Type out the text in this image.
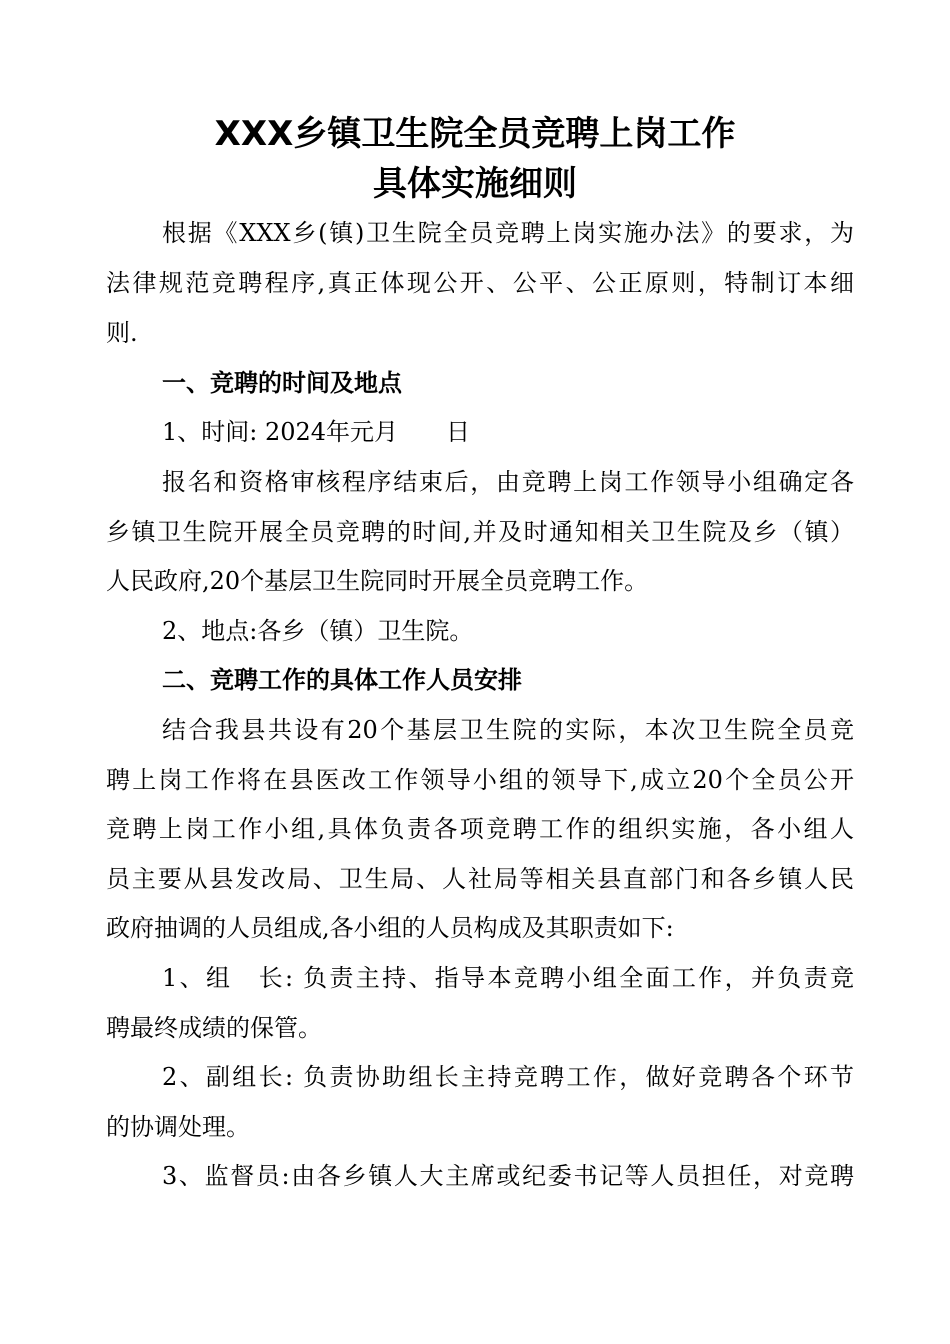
XXX乡镇卫生院全员竞聘上岗工作
具体实施细则

根据《XXX乡(镇)卫生院全员竞聘上岗实施办法》的要求，为

法律规范竞聘程序,真正体现公开、公平、公正原则，特制订本细

则.

一、竞聘的时间及地点

1、时间: 2024年元月　　日

报名和资格审核程序结束后，由竞聘上岗工作领导小组确定各

乡镇卫生院开展全员竞聘的时间,并及时通知相关卫生院及乡（镇）

人民政府,20个基层卫生院同时开展全员竞聘工作。

2、地点:各乡（镇）卫生院。

二、竞聘工作的具体工作人员安排

结合我县共设有20个基层卫生院的实际，本次卫生院全员竞

聘上岗工作将在县医改工作领导小组的领导下,成立20个全员公开

竞聘上岗工作小组,具体负责各项竞聘工作的组织实施，各小组人

员主要从县发改局、卫生局、人社局等相关县直部门和各乡镇人民

政府抽调的人员组成,各小组的人员构成及其职责如下:

1、组　长: 负责主持、指导本竞聘小组全面工作，并负责竞

聘最终成绩的保管。

2、副组长: 负责协助组长主持竞聘工作，做好竞聘各个环节

的协调处理。

3、监督员:由各乡镇人大主席或纪委书记等人员担任，对竞聘
